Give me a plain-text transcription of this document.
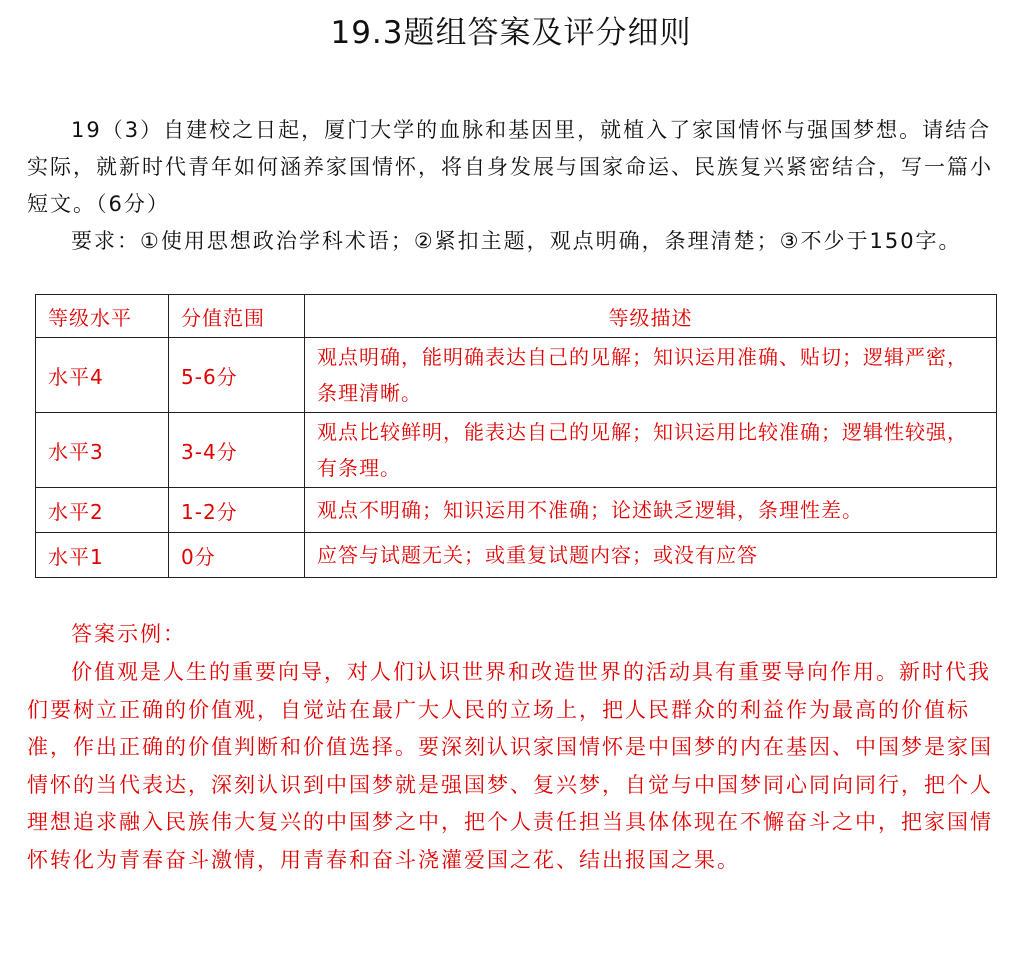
19.3题组答案及评分细则

19（3）自建校之日起，厦门大学的血脉和基因里，就植入了家国情怀与强国梦想。请结合实际，就新时代青年如何涵养家国情怀，将自身发展与国家命运、民族复兴紧密结合，写一篇小短文。（6分）

要求：①使用思想政治学科术语；②紧扣主题，观点明确，条理清楚；③不少于150字。

等级水平	分值范围	等级描述
水平4	5-6分	观点明确，能明确表达自己的见解；知识运用准确、贴切；逻辑严密，条理清晰。
水平3	3-4分	观点比较鲜明，能表达自己的见解；知识运用比较准确；逻辑性较强，有条理。
水平2	1-2分	观点不明确；知识运用不准确；论述缺乏逻辑，条理性差。
水平1	0分	应答与试题无关；或重复试题内容；或没有应答

答案示例：

价值观是人生的重要向导，对人们认识世界和改造世界的活动具有重要导向作用。新时代我们要树立正确的价值观，自觉站在最广大人民的立场上，把人民群众的利益作为最高的价值标准，作出正确的价值判断和价值选择。要深刻认识家国情怀是中国梦的内在基因、中国梦是家国情怀的当代表达，深刻认识到中国梦就是强国梦、复兴梦，自觉与中国梦同心同向同行，把个人理想追求融入民族伟大复兴的中国梦之中，把个人责任担当具体体现在不懈奋斗之中，把家国情怀转化为青春奋斗激情，用青春和奋斗浇灌爱国之花、结出报国之果。
